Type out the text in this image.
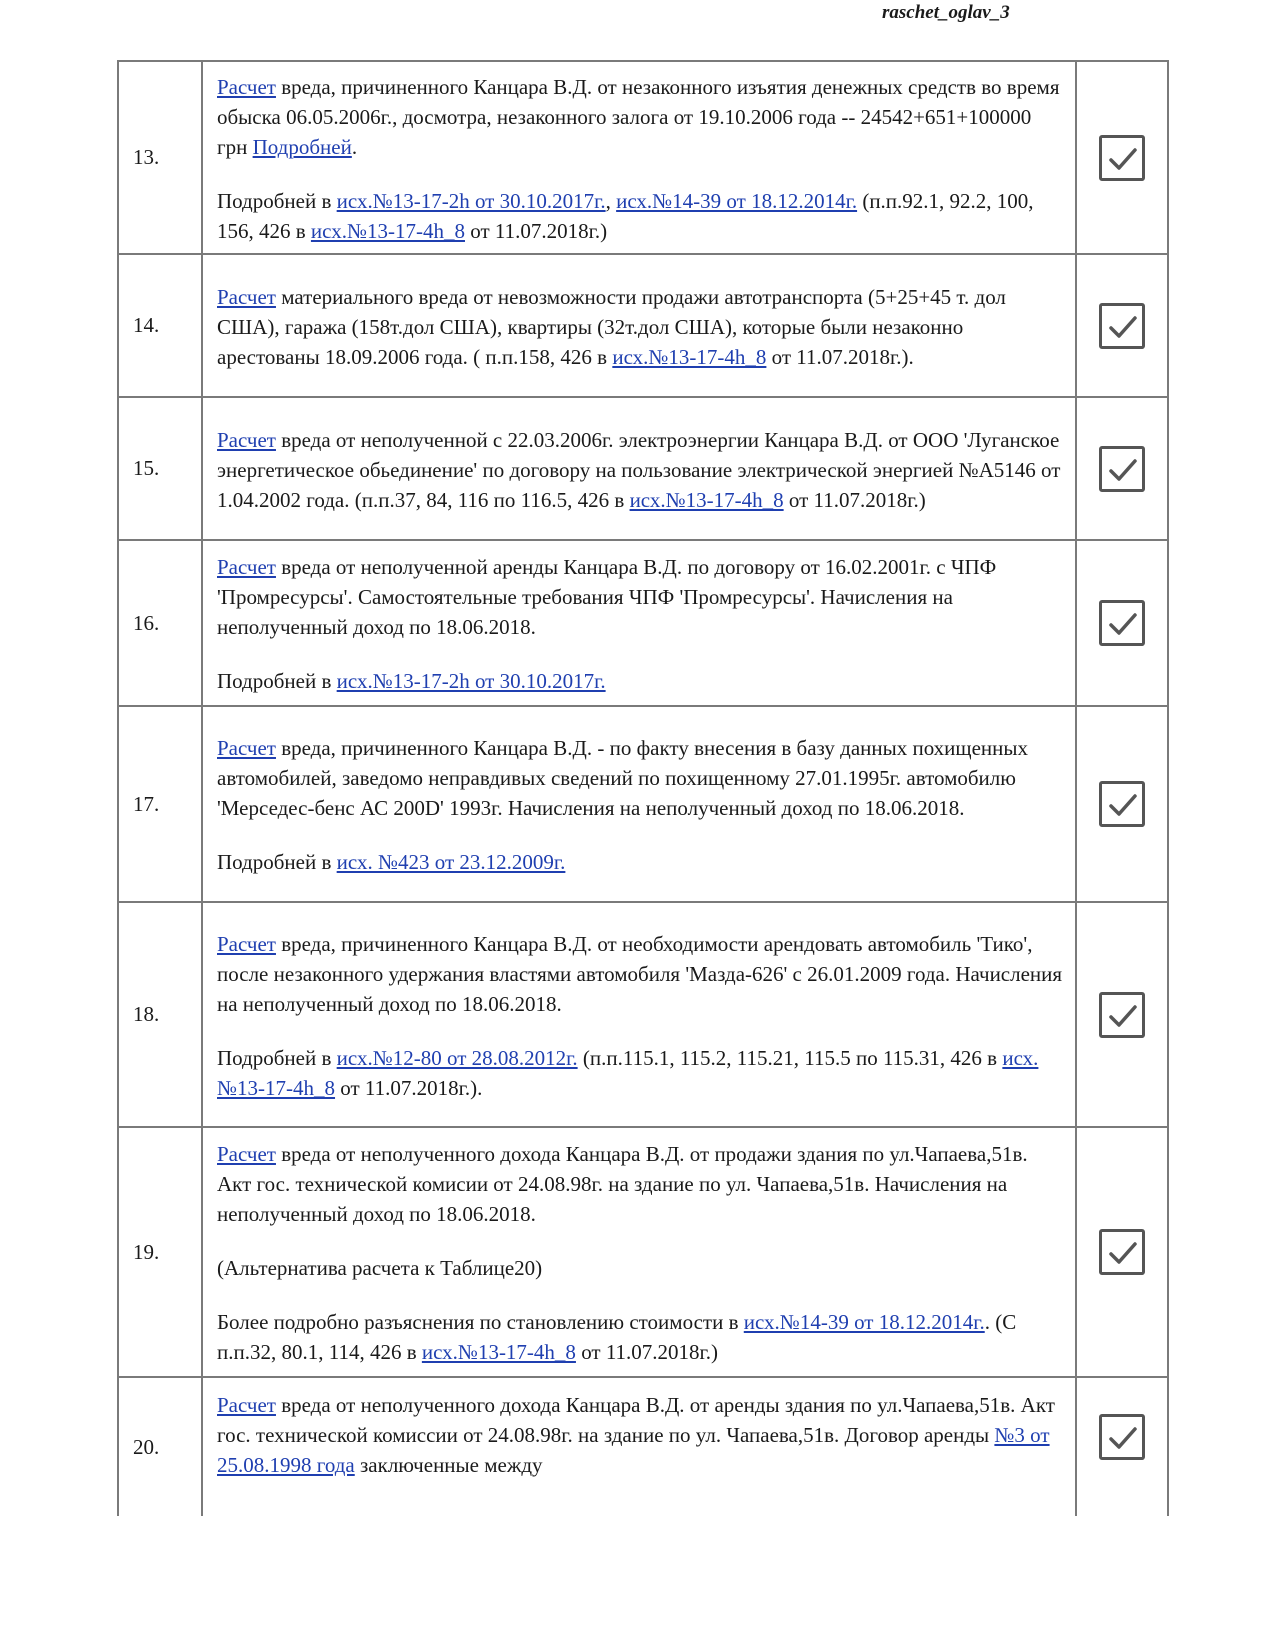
raschet_oglav_3
13.

Расчет вреда, причиненного Канцара В.Д. от незаконного изъятия денежных средств во время обыска 06.05.2006г., досмотра, незаконного залога от 19.10.2006 года -- 24542+651+100000 грн Подробней.

Подробней в исх.№13-17-2h от 30.10.2017г., исх.№14-39 от 18.12.2014г. (п.п.92.1, 92.2, 100, 156, 426 в исх.№13-17-4h_8 от 11.07.2018г.)

14.

Расчет материального вреда от невозможности продажи автотранспорта (5+25+45 т. дол США), гаража (158т.дол США), квартиры (32т.дол США), которые были незаконно арестованы 18.09.2006 года. ( п.п.158, 426 в исх.№13-17-4h_8 от 11.07.2018г.).

15.

Расчет вреда от неполученной с 22.03.2006г. электроэнергии Канцара В.Д. от ООО 'Луганское энергетическое обьединение' по договору на пользование электрической энергией №А5146 от 1.04.2002 года. (п.п.37, 84, 116 по 116.5, 426 в исх.№13-17-4h_8 от 11.07.2018г.)

16.

Расчет вреда от неполученной аренды Канцара В.Д. по договору от 16.02.2001г. с ЧПФ 'Промресурсы'. Самостоятельные требования ЧПФ 'Промресурсы'. Начисления на неполученный доход по 18.06.2018.

Подробней в исх.№13-17-2h от 30.10.2017г.

17.

Расчет вреда, причиненного Канцара В.Д. - по факту внесения в базу данных похищенных автомобилей, заведомо неправдивых сведений по похищенному 27.01.1995г. автомобилю 'Мерседес-бенс АС 200D' 1993г. Начисления на неполученный доход по 18.06.2018.

Подробней в исх. №423 от 23.12.2009г.

18.

Расчет вреда, причиненного Канцара В.Д. от необходимости арендовать автомобиль 'Тико', после незаконного удержания властями автомобиля 'Мазда-626' с 26.01.2009 года. Начисления на неполученный доход по 18.06.2018.

Подробней в исх.№12-80 от 28.08.2012г. (п.п.115.1, 115.2, 115.21, 115.5 по 115.31, 426 в исх.№13-17-4h_8 от 11.07.2018г.).

19.

Расчет вреда от неполученного дохода Канцара В.Д. от продажи здания по ул.Чапаева,51в. Акт гос. технической комисии от 24.08.98г. на здание по ул. Чапаева,51в. Начисления на неполученный доход по 18.06.2018.

(Альтернатива расчета к Таблице20)

Более подробно разъяснения по становлению стоимости в исх.№14-39 от 18.12.2014г.. (С п.п.32, 80.1, 114, 426 в исх.№13-17-4h_8 от 11.07.2018г.)

20.

Расчет вреда от неполученного дохода Канцара В.Д. от аренды здания по ул.Чапаева,51в. Акт гос. технической комиссии от 24.08.98г. на здание по ул. Чапаева,51в. Договор аренды №3 от 25.08.1998 года заключенные между
